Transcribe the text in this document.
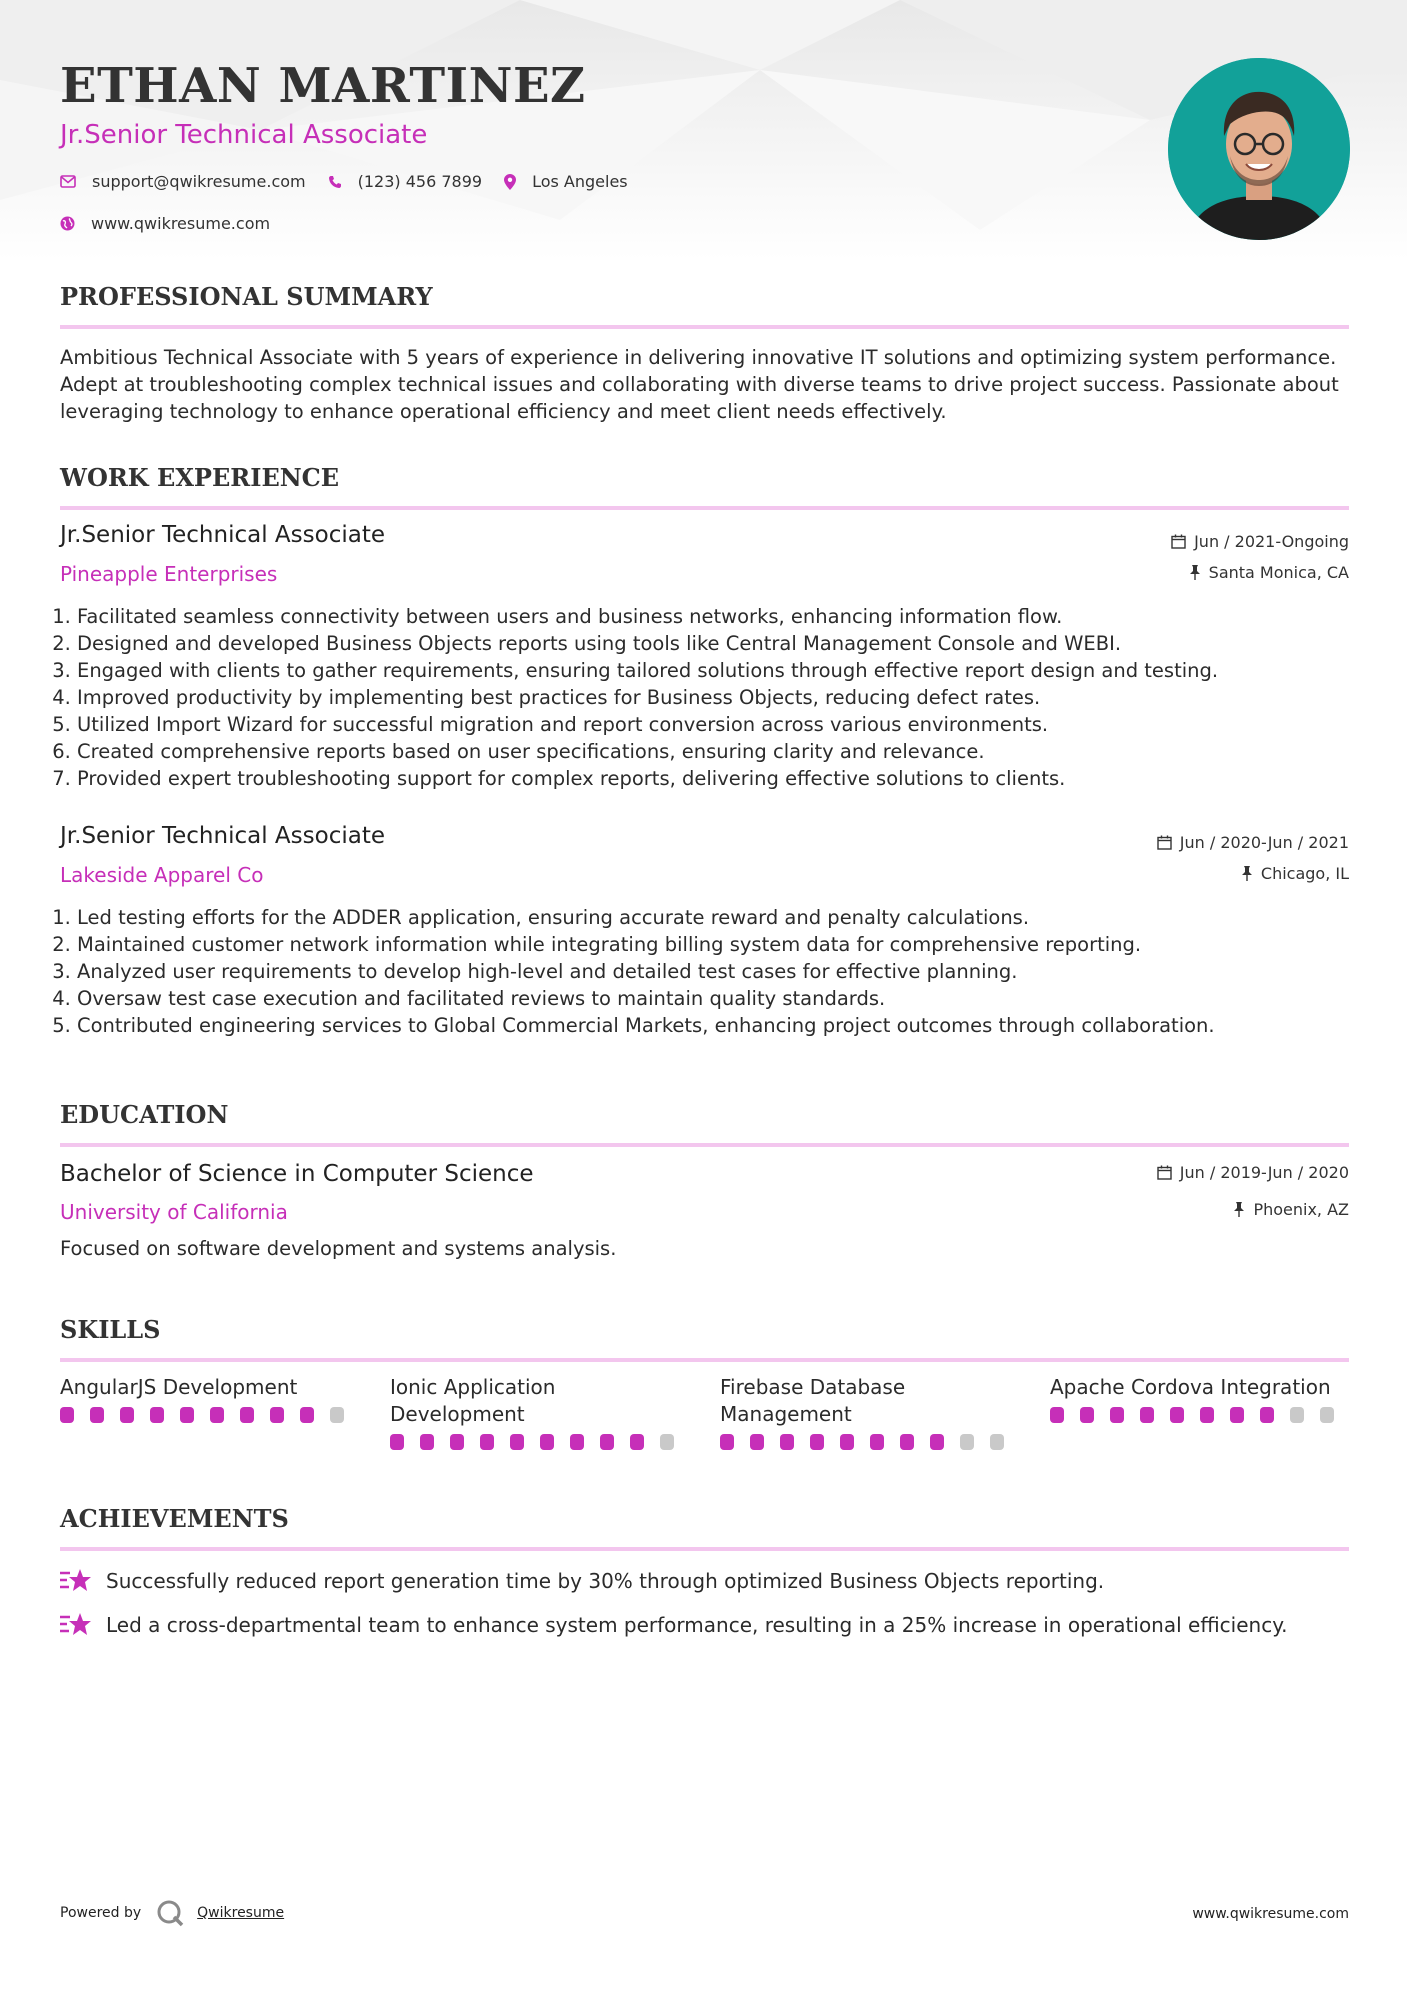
ETHAN MARTINEZ
Jr.Senior Technical Associate
support@qwikresume.com	(123) 456 7899	Los Angeles
www.qwikresume.com
PROFESSIONAL SUMMARY
Ambitious Technical Associate with 5 years of experience in delivering innovative IT solutions and optimizing system performance. Adept at troubleshooting complex technical issues and collaborating with diverse teams to drive project success. Passionate about leveraging technology to enhance operational efficiency and meet client needs effectively.
WORK EXPERIENCE
Jr.Senior Technical Associate
Pineapple Enterprises
Jun / 2021-Ongoing
Santa Monica, CA
1. Facilitated seamless connectivity between users and business networks, enhancing information flow.
2. Designed and developed Business Objects reports using tools like Central Management Console and WEBI.
3. Engaged with clients to gather requirements, ensuring tailored solutions through effective report design and testing.
4. Improved productivity by implementing best practices for Business Objects, reducing defect rates.
5. Utilized Import Wizard for successful migration and report conversion across various environments.
6. Created comprehensive reports based on user specifications, ensuring clarity and relevance.
7. Provided expert troubleshooting support for complex reports, delivering effective solutions to clients.
Jr.Senior Technical Associate
Lakeside Apparel Co
Jun / 2020-Jun / 2021
Chicago, IL
1. Led testing efforts for the ADDER application, ensuring accurate reward and penalty calculations.
2. Maintained customer network information while integrating billing system data for comprehensive reporting.
3. Analyzed user requirements to develop high-level and detailed test cases for effective planning.
4. Oversaw test case execution and facilitated reviews to maintain quality standards.
5. Contributed engineering services to Global Commercial Markets, enhancing project outcomes through collaboration.
EDUCATION
Bachelor of Science in Computer Science
University of California
Jun / 2019-Jun / 2020
Phoenix, AZ
Focused on software development and systems analysis.
SKILLS
AngularJS Development	Ionic Application Development
Firebase Database Management
Apache Cordova Integration
ACHIEVEMENTS
Successfully reduced report generation time by 30% through optimized Business Objects reporting.
Led a cross-departmental team to enhance system performance, resulting in a 25% increase in operational efficiency.
Powered by	Qwikresume	www.qwikresume.com
